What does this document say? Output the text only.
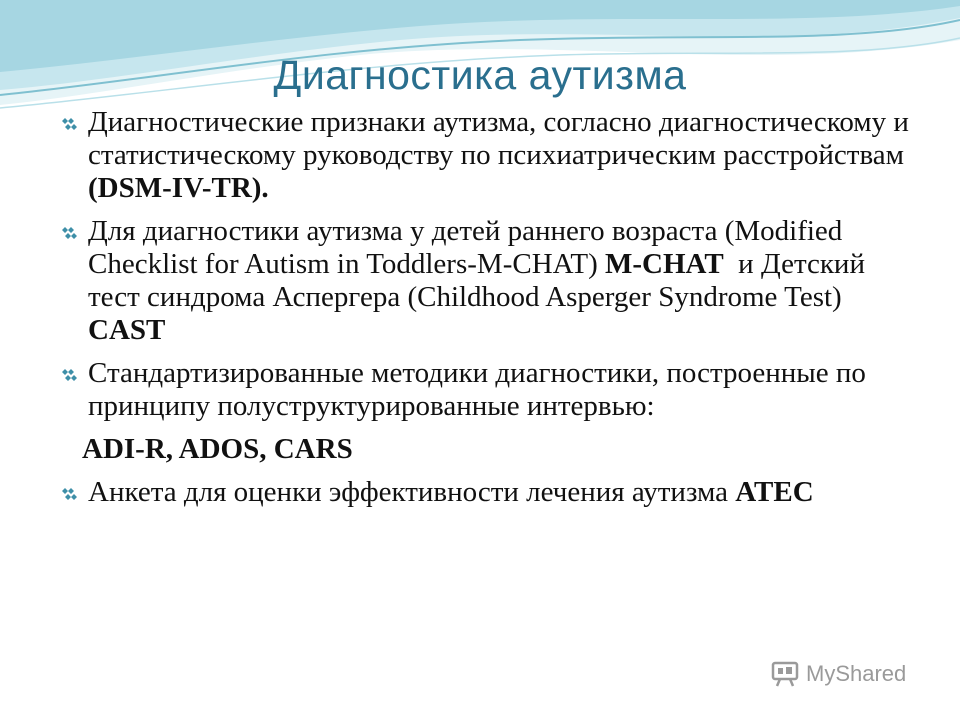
Диагностика аутизма
Диагностические признаки аутизма, согласно диагностическому и статистическому руководству по психиатрическим расстройствам (DSM-IV-TR).
Для диагностики аутизма у детей раннего возраста (Modified Checklist for Autism in Toddlers-M-CHAT) M-CHAT  и Детский тест синдрома Аспергера (Childhood Asperger Syndrome Test) CAST
Стандартизированные методики диагностики, построенные по принципу полуструктурированные интервью:
ADI-R, ADOS, CARS
Анкета для оценки эффективности лечения аутизма ATEC
MyShared
